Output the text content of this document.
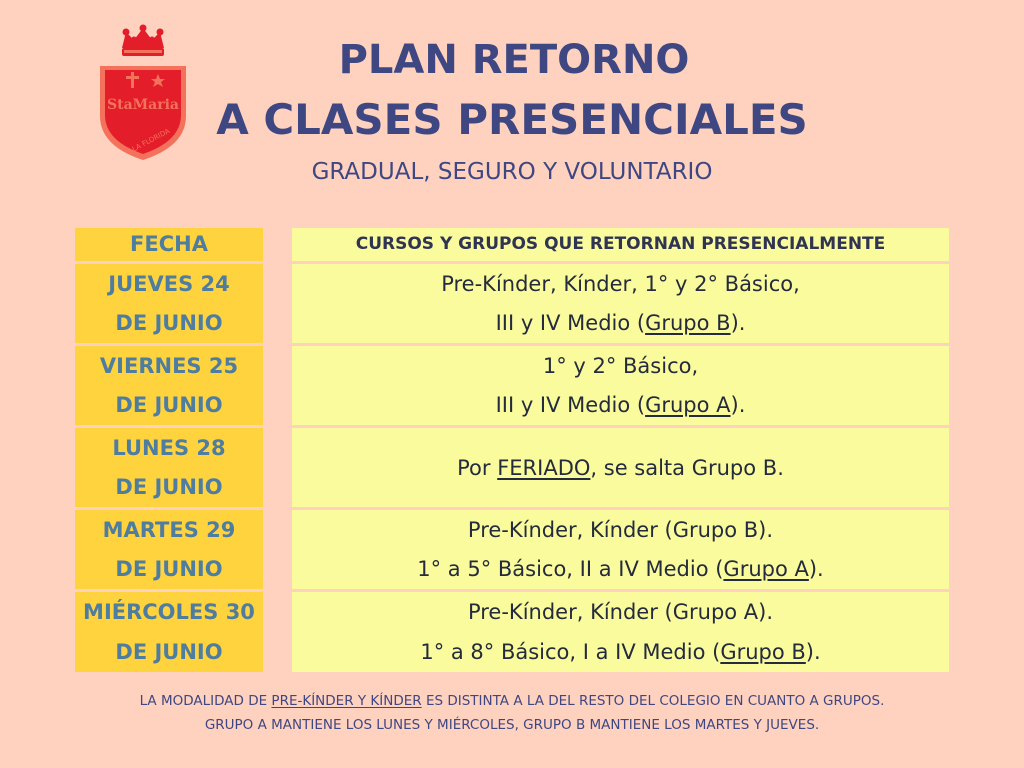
StaMaria
LA FLORIDA
PLAN RETORNO
A CLASES PRESENCIALES
GRADUAL, SEGURO Y VOLUNTARIO
FECHA	CURSOS Y GRUPOS QUE RETORNAN PRESENCIALMENTE
JUEVES 24
DE JUNIO
Pre-Kínder, Kínder, 1° y 2° Básico,
III y IV Medio (Grupo B).
VIERNES 25
DE JUNIO
1° y 2° Básico,
III y IV Medio (Grupo A).
LUNES 28
DE JUNIO
Por FERIADO, se salta Grupo B.
MARTES 29
DE JUNIO
Pre-Kínder, Kínder (Grupo B).
1° a 5° Básico, II a IV Medio (Grupo A).
MIÉRCOLES 30
DE JUNIO
Pre-Kínder, Kínder (Grupo A).
1° a 8° Básico, I a IV Medio (Grupo B).
LA MODALIDAD DE PRE-KÍNDER Y KÍNDER ES DISTINTA A LA DEL RESTO DEL COLEGIO EN CUANTO A GRUPOS.
GRUPO A MANTIENE LOS LUNES Y MIÉRCOLES, GRUPO B MANTIENE LOS MARTES Y JUEVES.
